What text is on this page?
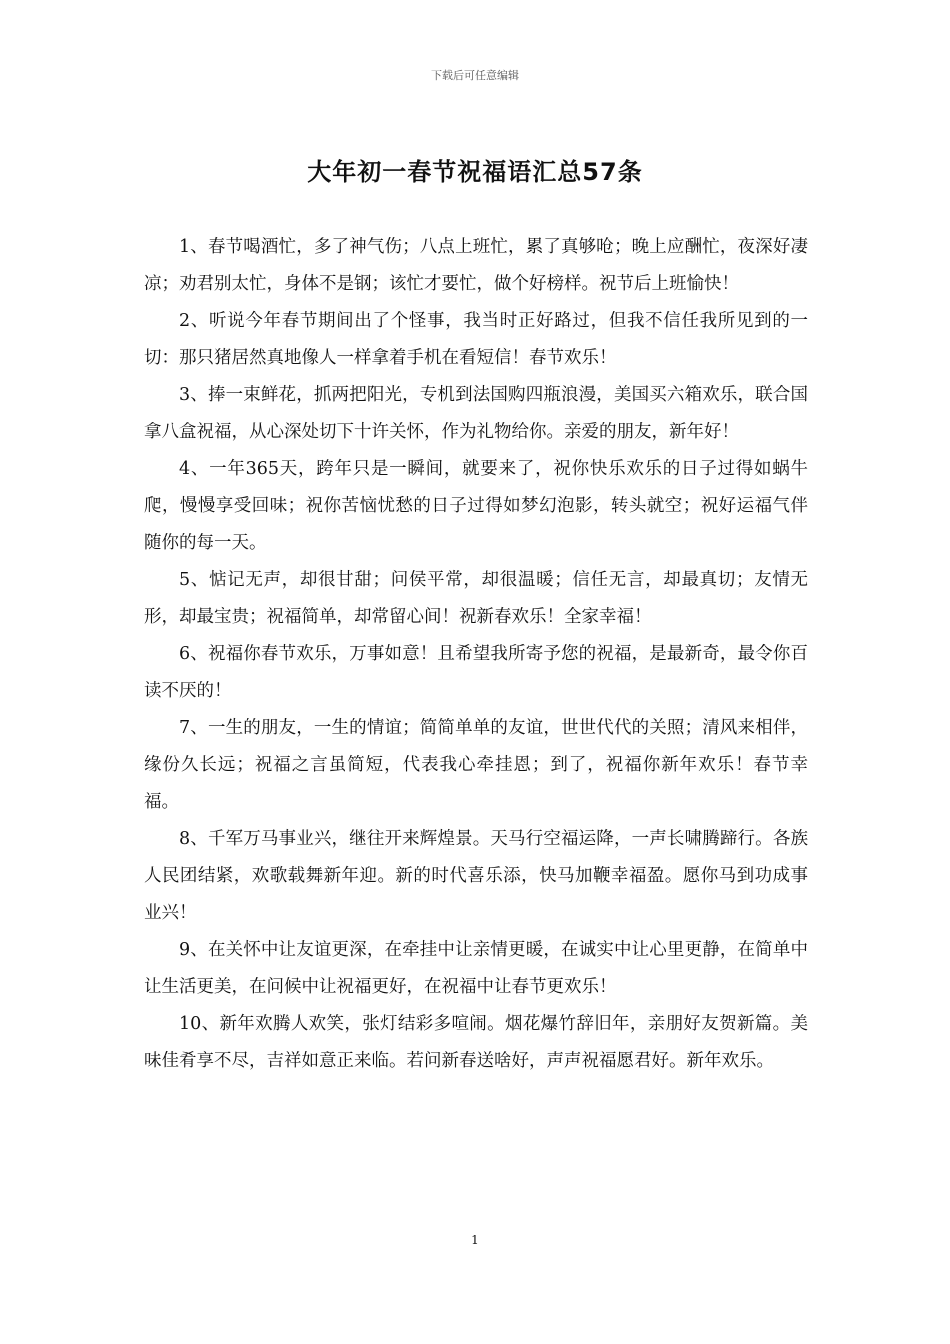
下载后可任意编辑
大年初一春节祝福语汇总57条

1、春节喝酒忙，多了神气伤；八点上班忙，累了真够呛；晚上应酬忙，夜深好凄凉；劝君别太忙，身体不是钢；该忙才要忙，做个好榜样。祝节后上班愉快！

2、听说今年春节期间出了个怪事，我当时正好路过，但我不信任我所见到的一切：那只猪居然真地像人一样拿着手机在看短信！春节欢乐！

3、捧一束鲜花，抓两把阳光，专机到法国购四瓶浪漫，美国买六箱欢乐，联合国拿八盒祝福，从心深处切下十许关怀，作为礼物给你。亲爱的朋友，新年好！

4、一年365天，跨年只是一瞬间，就要来了，祝你快乐欢乐的日子过得如蜗牛爬，慢慢享受回味；祝你苦恼忧愁的日子过得如梦幻泡影，转头就空；祝好运福气伴随你的每一天。

5、惦记无声，却很甘甜；问侯平常，却很温暖；信任无言，却最真切；友情无形，却最宝贵；祝福简单，却常留心间！祝新春欢乐！全家幸福！

6、祝福你春节欢乐，万事如意！且希望我所寄予您的祝福，是最新奇，最令你百读不厌的！

7、一生的朋友，一生的情谊；简简单单的友谊，世世代代的关照；清风来相伴，缘份久长远；祝福之言虽简短，代表我心牵挂恩；到了，祝福你新年欢乐！春节幸福。

8、千军万马事业兴，继往开来辉煌景。天马行空福运降，一声长啸腾蹄行。各族人民团结紧，欢歌载舞新年迎。新的时代喜乐添，快马加鞭幸福盈。愿你马到功成事业兴！

9、在关怀中让友谊更深，在牵挂中让亲情更暖，在诚实中让心里更静，在简单中让生活更美，在问候中让祝福更好，在祝福中让春节更欢乐！

10、新年欢腾人欢笑，张灯结彩多喧闹。烟花爆竹辞旧年，亲朋好友贺新篇。美味佳肴享不尽，吉祥如意正来临。若问新春送啥好，声声祝福愿君好。新年欢乐。

1
